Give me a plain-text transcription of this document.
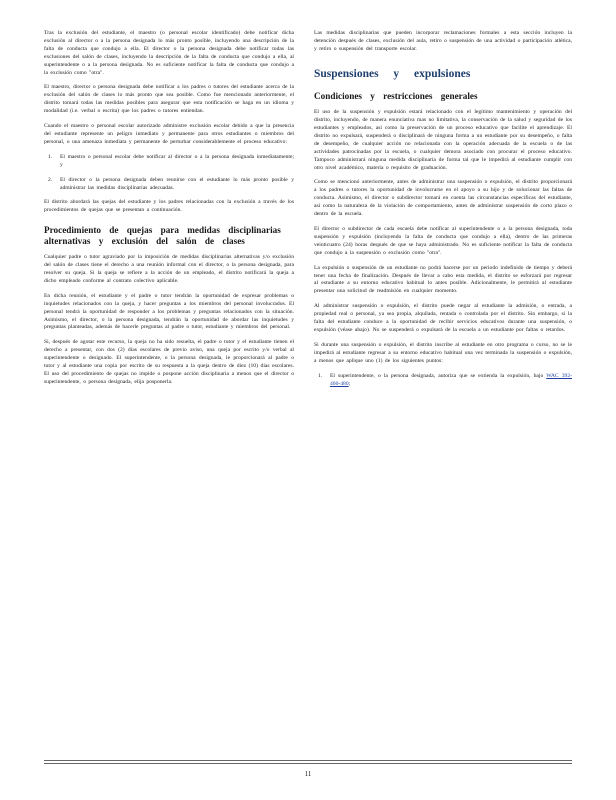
Tras la exclusión del estudiante, el maestro (o personal escolar identificado) debe notificar dicha exclusión al director o a la persona designada lo más pronto posible, incluyendo una descripción de la falta de conducta que condujo a ella. El director o la persona designada debe notificar todas las exclusiones del salón de clases, incluyendo la descripción de la falta de conducta que condujo a ella, al superintendente o a la persona designada. No es suficiente notificar la falta de conducta que condujo a la exclusión como "otra".

El maestro, director o persona designada debe notificar a los padres o tutores del estudiante acerca de la exclusión del salón de clases lo más pronto que sea posible. Como fue mencionado anteriormente, el distrito tomará todas las medidas posibles para asegurar que esta notificación se haga en un idioma y modalidad (i.e. verbal o escrita) que los padres o tutores entiendan.

Cuando el maestro o personal escolar autorizado administre exclusión escolar debido a que la presencia del estudiante represente un peligro inmediato y permanente para otros estudiantes o miembros del personal, o una amenaza inmediata y permanente de perturbar considerablemente el proceso educativo:

1. El maestro o personal escolar debe notificar al director o a la persona designada inmediatamente; y

2. El director o la persona designada deben reunirse con el estudiante lo más pronto posible y administrar las medidas disciplinarias adecuadas.

El distrito abordará las quejas del estudiante y los padres relacionadas con la exclusión a través de los procedimientos de quejas que se presentan a continuación.

Procedimiento de quejas para medidas disciplinarias alternativas y exclusión del salón de clases

Cualquier padre o tutor agraviado por la imposición de medidas disciplinarias alternativas y/o exclusión del salón de clases tiene el derecho a una reunión informal con el director, o la persona designada, para resolver su queja. Si la queja se refiere a la acción de un empleado, el distrito notificará la queja a dicho empleado conforme al contrato colectivo aplicable.

En dicha reunión, el estudiante y el padre o tutor tendrán la oportunidad de expresar problemas o inquietudes relacionados con la queja, y hacer preguntas a los miembros del personal involucrados. El personal tendrá la oportunidad de responder a los problemas y preguntas relacionados con la situación. Asimismo, el director, o la persona designada, tendrán la oportunidad de abordar las inquietudes y preguntas planteadas, además de hacerle preguntas al padre o tutor, estudiante y miembros del personal.

Si, después de agotar este recurso, la queja no ha sido resuelta, el padre o tutor y el estudiante tienen el derecho a presentar, con dos (2) días escolares de previo aviso, una queja por escrito y/o verbal al superintendente o designado. El superintendente, o la persona designada, le proporcionará al padre o tutor y al estudiante una copia por escrito de su respuesta a la queja dentro de diez (10) días escolares. El uso del procedimiento de quejas no impide o pospone acción disciplinaria a menos que el director o superintendente, o persona designada, elija posponerla.

Las medidas disciplinarias que pueden incorporar reclamaciones formales a esta sección incluyen la detención después de clases, exclusión del aula, retiro o suspensión de una actividad o participación atlética, y retiro o suspensión del transporte escolar.

Suspensiones y expulsiones
Condiciones y restricciones generales

El uso de la suspensión y expulsión estará relacionado con el legítimo mantenimiento y operación del distrito, incluyendo, de manera enunciativa mas no limitativa, la conservación de la salud y seguridad de los estudiantes y empleados, así como la preservación de un proceso educativo que facilite el aprendizaje. El distrito no expulsará, suspenderá o disciplinará de ninguna forma a un estudiante por su desempeño, o falta de desempeño, de cualquier acción no relacionada con la operación adecuada de la escuela o de las actividades patrocinadas por la escuela, o cualquier demora asociado con procurar el proceso educativo. Tampoco administrará ninguna medida disciplinaria de forma tal que le impedirá al estudiante cumplir con otro nivel académico, materia o requisito de graduación.

Como se mencionó anteriormente, antes de administrar una suspensión o expulsión, el distrito proporcionará a los padres o tutores la oportunidad de involucrarse en el apoyo a su hijo y de solucionar las faltas de conducta. Asimismo, el director o subdirector tomará en cuenta las circunstancias específicas del estudiante, así como la naturaleza de la violación de comportamiento, antes de administrar suspensión de corto plazo o dentro de la escuela.

El director o subdirector de cada escuela debe notificar al superintendente o a la persona designada, toda suspensión y expulsión (incluyendo la falta de conducta que condujo a ella), dentro de las primeras veinticuatro (24) horas después de que se haya administrado. No es suficiente notificar la falta de conducta que condujo a la suspensión o exclusión como "otra".

La expulsión o suspensión de un estudiante no podrá hacerse por un periodo indefinido de tiempo y deberá tener una fecha de finalización. Después de llevar a cabo esta medida, el distrito se esforzará por regresar al estudiante a su entorno educativo habitual lo antes posible. Adicionalmente, le permitirá al estudiante presentar una solicitud de readmisión en cualquier momento.

Al administrar suspensión o expulsión, el distrito puede negar al estudiante la admisión, o entrada, a propiedad real o personal, ya sea propia, alquilada, rentada o controlada por el distrito. Sin embargo, si la falta del estudiante conduce a la oportunidad de recibir servicios educativos durante una suspensión, o expulsión (véase abajo). No se suspenderá o expulsará de la escuela a un estudiante por faltas o retardos.

Si durante una suspensión o expulsión, el distrito inscribe al estudiante en otro programa o curso, no se le impedirá al estudiante regresar a su entorno educativo habitual una vez terminada la suspensión o expulsión, a menos que aplique uno (1) de los siguientes puntos:

1. El superintendente, o la persona designada, autoriza que se extienda la expulsión, bajo WAC 392-400-480;

11
